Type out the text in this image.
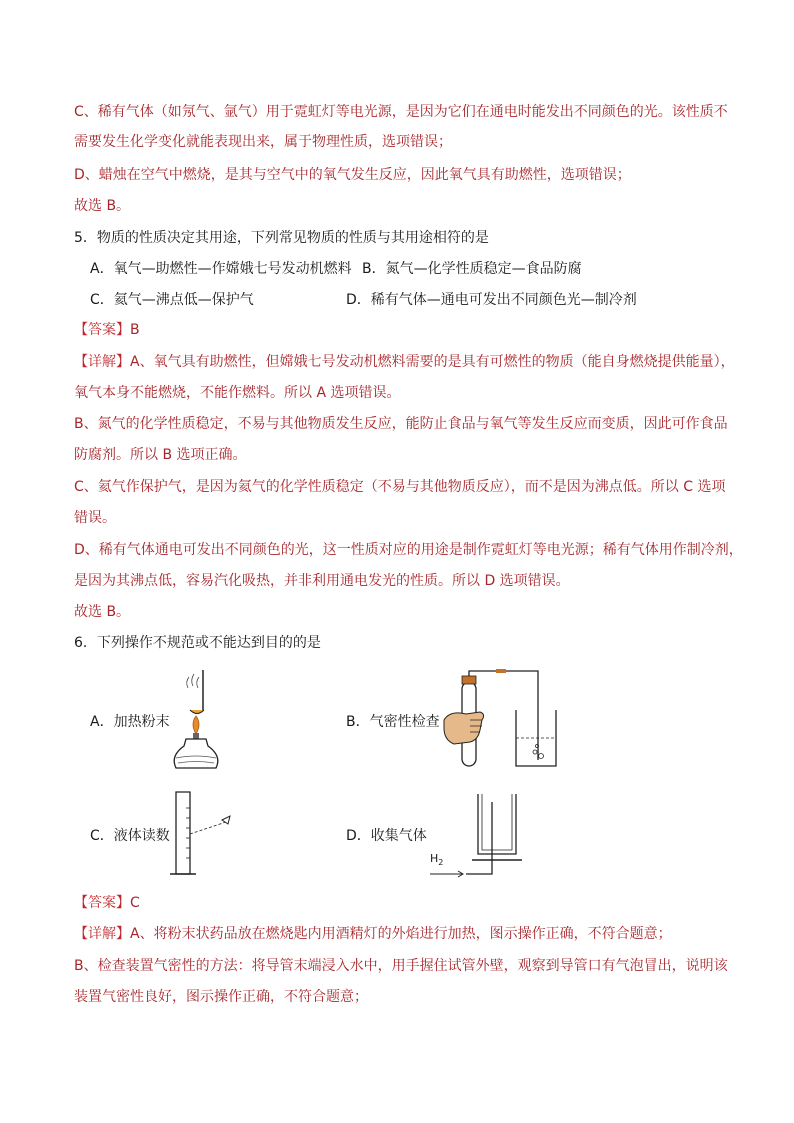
C、稀有气体（如氖气、氩气）用于霓虹灯等电光源，是因为它们在通电时能发出不同颜色的光。该性质不
需要发生化学变化就能表现出来，属于物理性质，选项错误；
D、蜡烛在空气中燃烧，是其与空气中的氧气发生反应，因此氧气具有助燃性，选项错误；
故选 B。
5．物质的性质决定其用途，下列常见物质的性质与其用途相符的是
A．氧气—助燃性—作嫦娥七号发动机燃料 B．氮气—化学性质稳定—食品防腐
C．氦气—沸点低—保护气	D．稀有气体—通电可发出不同颜色光—制冷剂
【答案】B
【详解】A、氧气具有助燃性，但嫦娥七号发动机燃料需要的是具有可燃性的物质（能自身燃烧提供能量），
氧气本身不能燃烧，不能作燃料。所以 A 选项错误。
B、氮气的化学性质稳定，不易与其他物质发生反应，能防止食品与氧气等发生反应而变质，因此可作食品
防腐剂。所以 B 选项正确。
C、氦气作保护气，是因为氦气的化学性质稳定（不易与其他物质反应），而不是因为沸点低。所以 C 选项
错误。
D、稀有气体通电可发出不同颜色的光，这一性质对应的用途是制作霓虹灯等电光源；稀有气体用作制冷剂，
是因为其沸点低，容易汽化吸热，并非利用通电发光的性质。所以 D 选项错误。
故选 B。
6．下列操作不规范或不能达到目的的是
A．加热粉末	B．气密性检查
C．液体读数	D．收集气体
$H_2$
【答案】C
【详解】A、将粉末状药品放在燃烧匙内用酒精灯的外焰进行加热，图示操作正确，不符合题意；
B、检查装置气密性的方法：将导管末端浸入水中，用手握住试管外壁，观察到导管口有气泡冒出，说明该
装置气密性良好，图示操作正确，不符合题意；
